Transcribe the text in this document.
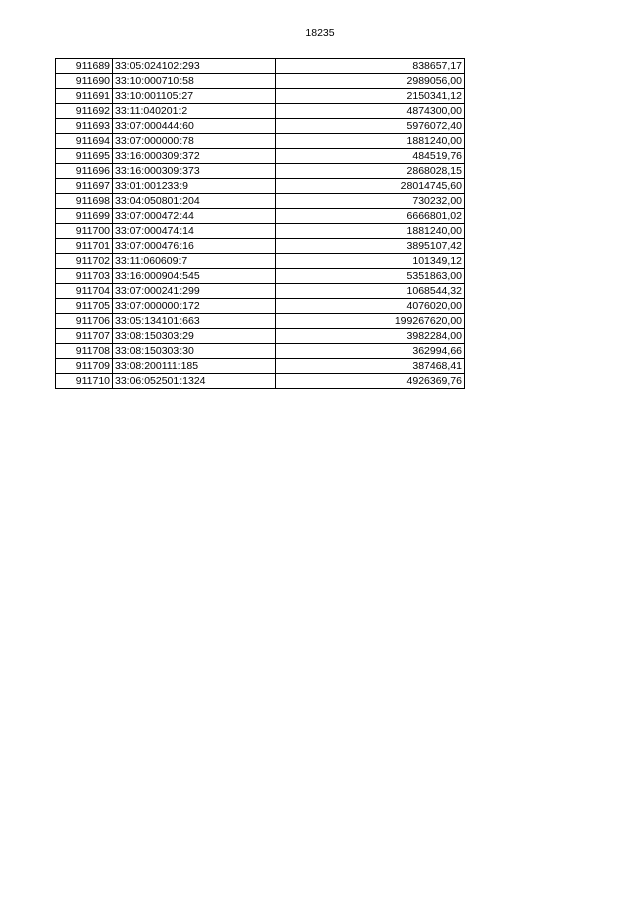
18235
911689	33:05:024102:293	838657,17
911690	33:10:000710:58	2989056,00
911691	33:10:001105:27	2150341,12
911692	33:11:040201:2	4874300,00
911693	33:07:000444:60	5976072,40
911694	33:07:000000:78	1881240,00
911695	33:16:000309:372	484519,76
911696	33:16:000309:373	2868028,15
911697	33:01:001233:9	28014745,60
911698	33:04:050801:204	730232,00
911699	33:07:000472:44	6666801,02
911700	33:07:000474:14	1881240,00
911701	33:07:000476:16	3895107,42
911702	33:11:060609:7	101349,12
911703	33:16:000904:545	5351863,00
911704	33:07:000241:299	1068544,32
911705	33:07:000000:172	4076020,00
911706	33:05:134101:663	199267620,00
911707	33:08:150303:29	3982284,00
911708	33:08:150303:30	362994,66
911709	33:08:200111:185	387468,41
911710	33:06:052501:1324	4926369,76
